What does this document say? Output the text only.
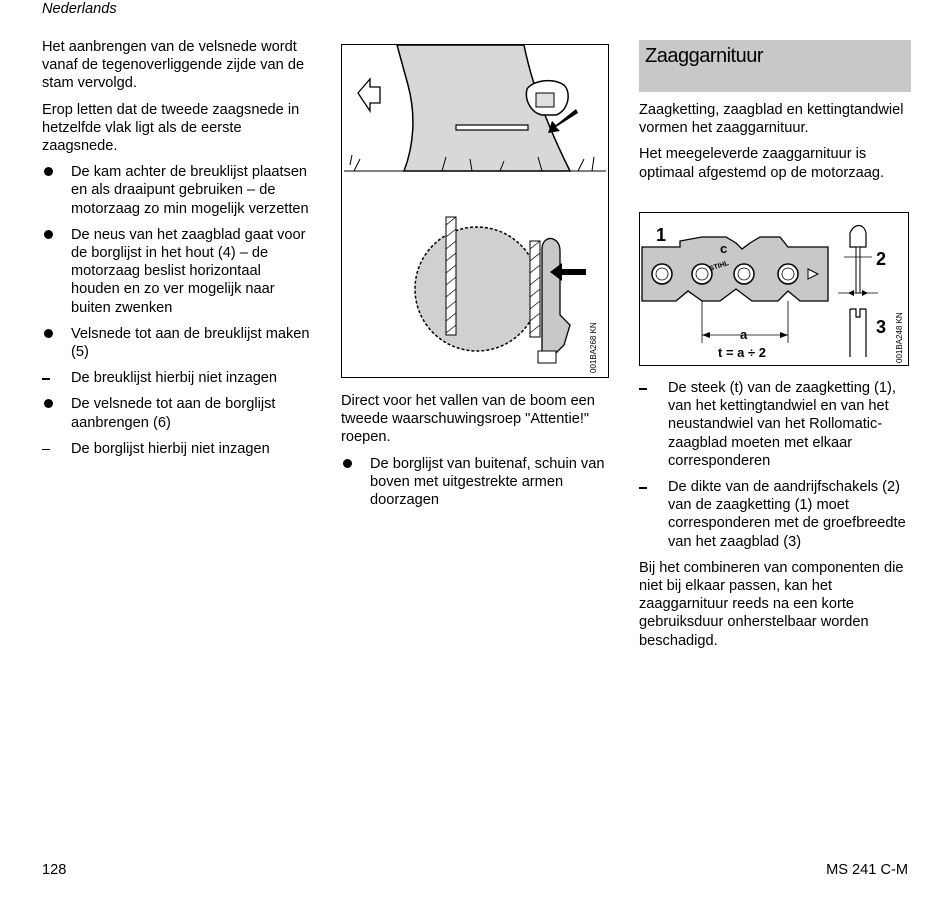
Nederlands

Het aanbrengen van de velsnede wordt vanaf de tegenoverliggende zijde van de stam vervolgd.

Erop letten dat de tweede zaagsnede in hetzelfde vlak ligt als de eerste zaagsnede.

De kam achter de breuklijst plaatsen en als draaipunt gebruiken – de motorzaag zo min mogelijk verzetten
De neus van het zaagblad gaat voor de borglijst in het hout (4) – de motorzaag beslist horizontaal houden en zo ver mogelijk naar buiten zwenken
Velsnede tot aan de breuklijst maken (5)
De breuklijst hierbij niet inzagen
De velsnede tot aan de borglijst aanbrengen (6)
De borglijst hierbij niet inzagen
001BA268 KN

Direct voor het vallen van de boom een tweede waarschuwingsroep "Attentie!" roepen.

De borglijst van buitenaf, schuin van boven met uitgestrekte armen doorzagen
Zaaggarnituur

Zaagketting, zaagblad en kettingtandwiel vormen het zaaggarnituur.

Het meegeleverde zaaggarnituur is optimaal afgestemd op de motorzaag.

STIHL
a
t = a ÷ 2
1
c
2
3 001BA248 KN
De steek (t) van de zaagketting (1), van het kettingtandwiel en van het neustandwiel van het Rollomatic-zaagblad moeten met elkaar corresponderen
De dikte van de aandrijfschakels (2) van de zaagketting (1) moet corresponderen met de groefbreedte van het zaagblad (3)

Bij het combineren van componenten die niet bij elkaar passen, kan het zaaggarnituur reeds na een korte gebruiksduur onherstelbaar worden beschadigd.

128	MS 241 C-M
